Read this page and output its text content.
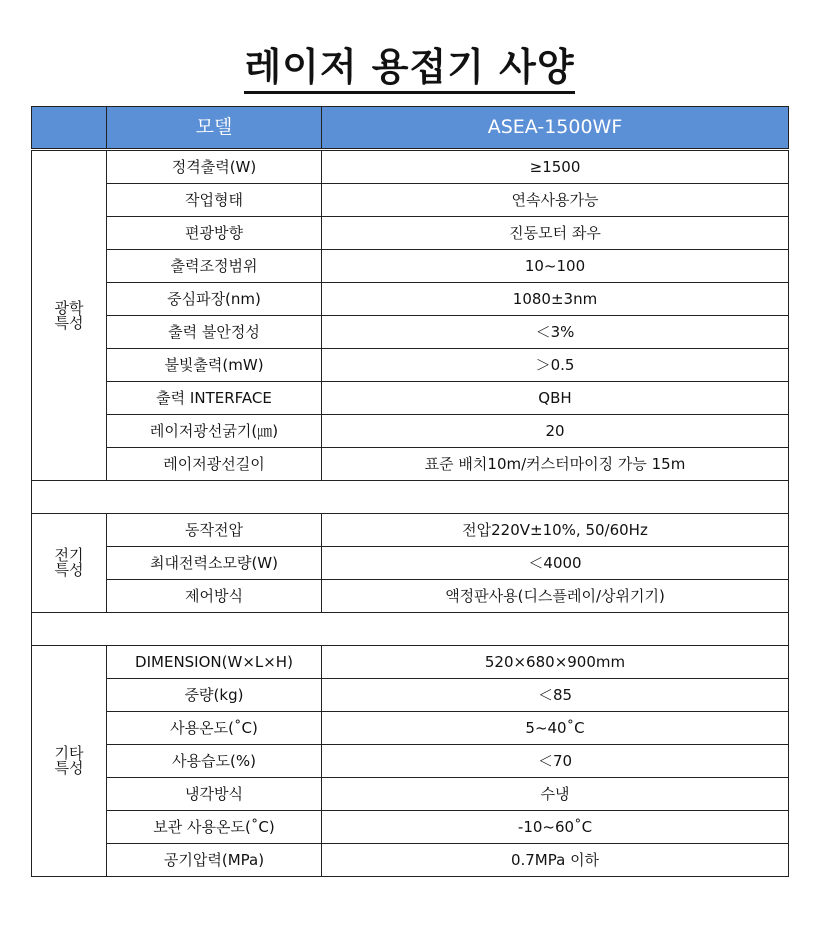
레이저 용접기 사양
	모델	ASEA-1500WF

광학
특성	정격출력(W)	≥1500
	작업형태	연속사용가능
	편광방향	진동모터 좌우
	출력조정범위	10~100
	중심파장(nm)	1080±3nm
	출력 불안정성	＜3%
	불빛출력(mW)	＞0.5
	출력 INTERFACE	QBH
	레이저광선굵기(㎛)	20
	레이저광선길이	표준 배치10m/커스터마이징 가능 15m

전기
특성	동작전압	전압220V±10%, 50/60Hz
	최대전력소모량(W)	＜4000
	제어방식	액정판사용(디스플레이/상위기기)

기타
특성	DIMENSION(W×L×H)	520×680×900mm
	중량(kg)	＜85
	사용온도(˚C)	5~40˚C
	사용습도(%)	＜70
	냉각방식	수냉
	보관 사용온도(˚C)	-10~60˚C
	공기압력(MPa)	0.7MPa 이하
